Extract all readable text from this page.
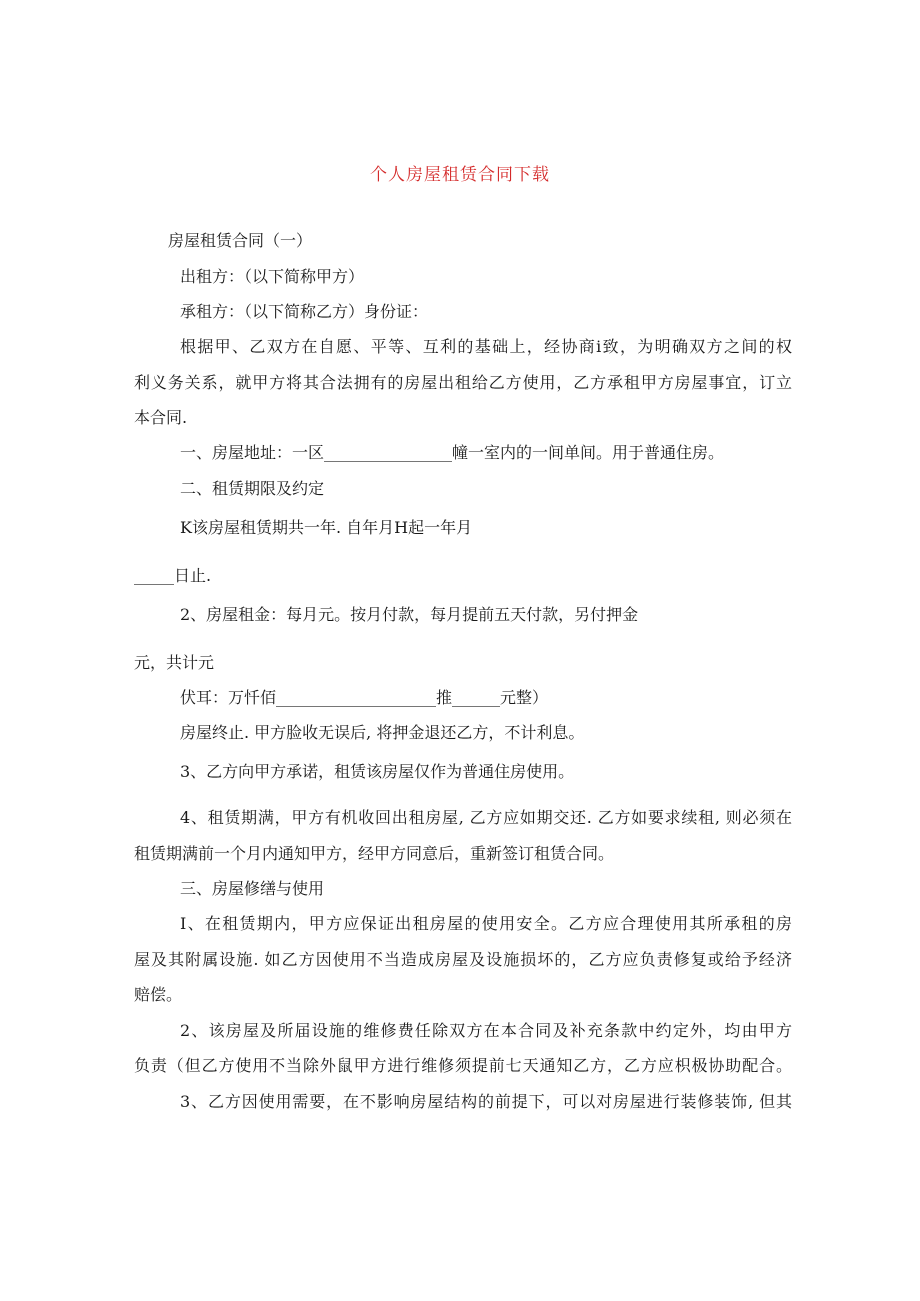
个人房屋租赁合同下载
房屋租赁合同（一）
出租方：（以下简称甲方）
承租方：（以下简称乙方）身份证：
根据甲、乙双方在自愿、平等、互利的基础上，经协商i致，为明确双方之间的权
利义务关系，就甲方将其合法拥有的房屋出租给乙方使用，乙方承租甲方房屋事宜，订立
本合同.
一、房屋地址：一区________________幢一室内的一间单间。用于普通住房。
二、租赁期限及约定
K该房屋租赁期共一年. 自年月H起一年月
_____日止.
2、房屋租金：每月元。按月付款，每月提前五天付款，另付押金
元，共计元
伏耳：万忏佰____________________推______元整）
房屋终止. 甲方脸收无误后, 将押金退还乙方，不计利息。
3、乙方向甲方承诺，租赁该房屋仅作为普通住房使用。
4、租赁期满，甲方有机收回出租房屋, 乙方应如期交还. 乙方如要求续租, 则必须在
租赁期满前一个月内通知甲方，经甲方同意后，重新签订租赁合同。
三、房屋修缮与使用
I、在租赁期内，甲方应保证出租房屋的使用安全。乙方应合理使用其所承租的房
屋及其附属设施. 如乙方因使用不当造成房屋及设施损坏的，乙方应负责修复或给予经济
赔偿。
2、该房屋及所届设施的维修费任除双方在本合同及补充条款中约定外，均由甲方
负责（但乙方使用不当除外鼠甲方进行维修须提前七天通知乙方，乙方应枳极协助配合。
3、乙方因使用需要，在不影响房屋结构的前提下，可以对房屋进行装修装饰, 但其
